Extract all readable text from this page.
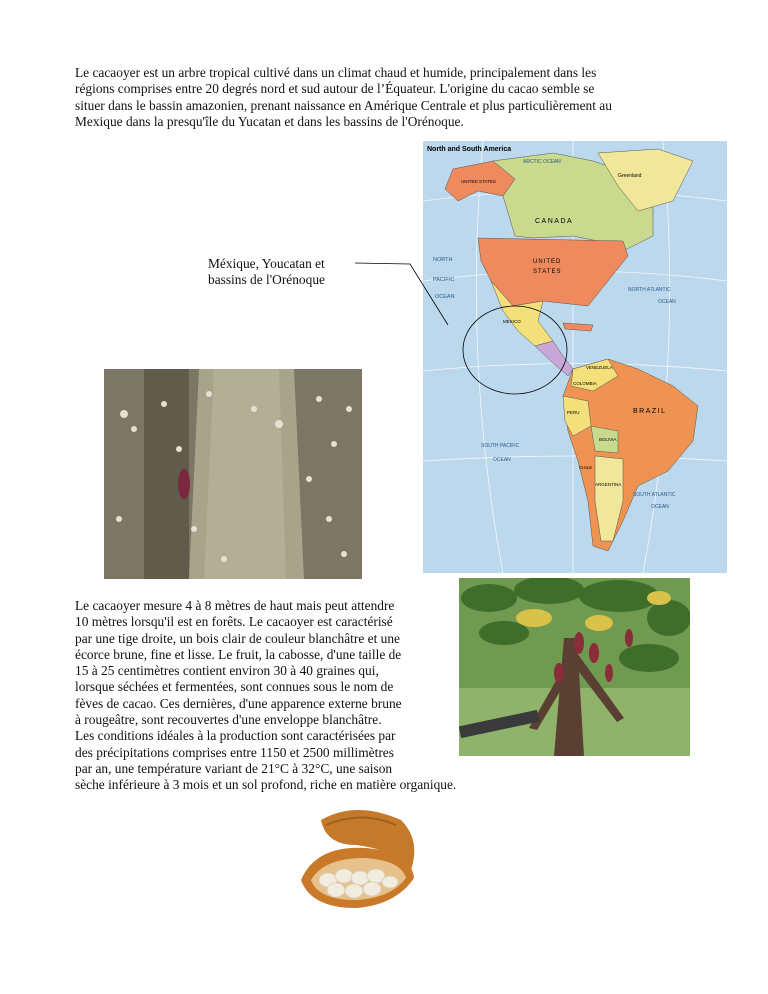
Le cacaoyer est un arbre tropical cultivé dans un climat chaud et humide, principalement dans les
régions comprises entre 20 degrés nord et sud autour de l’Équateur. L'origine du cacao semble se
situer dans le bassin amazonien, prenant naissance en Amérique Centrale et plus particulièrement au
Mexique dans la presqu'île du Yucatan et dans les bassins de l'Orénoque.
North and South America
ARCTIC OCEAN
UNITED STATES
Greenland
CANADA
UNITED
STATES
NORTH
PACIFIC
OCEAN
NORTH ATLANTIC
OCEAN
MEXICO
VENEZUELA
COLOMBIA
PERU	BRAZIL
BOLIVIA
CHILE
ARGENTINA
SOUTH PACIFIC
OCEAN
SOUTH ATLANTIC
OCEAN
Méxique, Youcatan et
bassins de l'Orénoque
Le cacaoyer mesure 4 à 8 mètres de haut mais peut attendre
10 mètres lorsqu'il est en forêts. Le cacaoyer est caractérisé
par une tige droite, un bois clair de couleur blanchâtre et une
écorce brune, fine et lisse. Le fruit, la cabosse, d'une taille de
15 à 25 centimètres contient environ 30 à 40 graines qui,
lorsque séchées et fermentées, sont connues sous le nom de
fèves de cacao. Ces dernières, d'une apparence externe brune
à rougeâtre, sont recouvertes d'une enveloppe blanchâtre.
Les conditions idéales à la production sont caractérisées par
des précipitations comprises entre 1150 et 2500 millimètres
par an, une température variant de 21°C à 32°C, une saison
sèche inférieure à 3 mois et un sol profond, riche en matière organique.
